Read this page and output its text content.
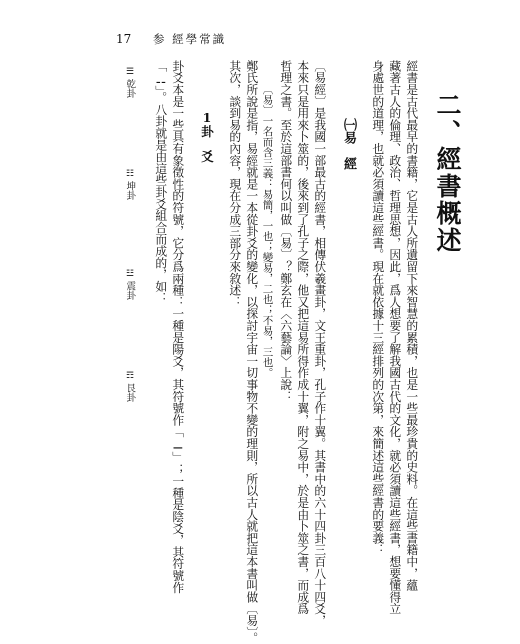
17 参 經學常識
二、經書概述
經書是古代最早的書籍，它是古人所遺留下來智慧的累積，也是一些最珍貴的史料。在這些書籍中，蘊
藏著古人的倫理、政治、哲理思想，因此，爲人想要了解我國古代的文化，就必須讀這些經書，想要懂得立
身處世的道理，也就必須讀這些經書。現在就依據十三經排列的次第，來簡述這些經書的要義：
㈠易　經
〔易經〕是我國一部最古的經書，相傳伏羲畫卦，文王重卦，孔子作十翼。其書中的六十四卦三百八十四爻，
本來只是用來卜筮的，後來到了孔子之際，他又把這易所得作成十翼，附之易中，於是由卜筮之書，而成爲
哲理之書。至於這部書何以叫做〔易〕？鄭玄在〈六藝論〉上說：
〔易〕一名而含三義：易簡，一也；變易，二也；不易，三也。
鄭氏所說是指，易經就是一本從卦爻的變化，以探討宇宙一切事物不變的理則，所以古人就把這本書叫做〔易〕。
其次，談到易的內容，現在分成三部分來敘述：
1卦　爻
卦爻本是一些具有象徵性的符號，它分爲兩種：一種是陽爻，其符號作「⚊」；一種是陰爻，其符號作
「⚋」。八卦就是由這些卦爻組合而成的，如：
☰
乾卦
☷
坤卦
☳
震卦
☶
艮卦
